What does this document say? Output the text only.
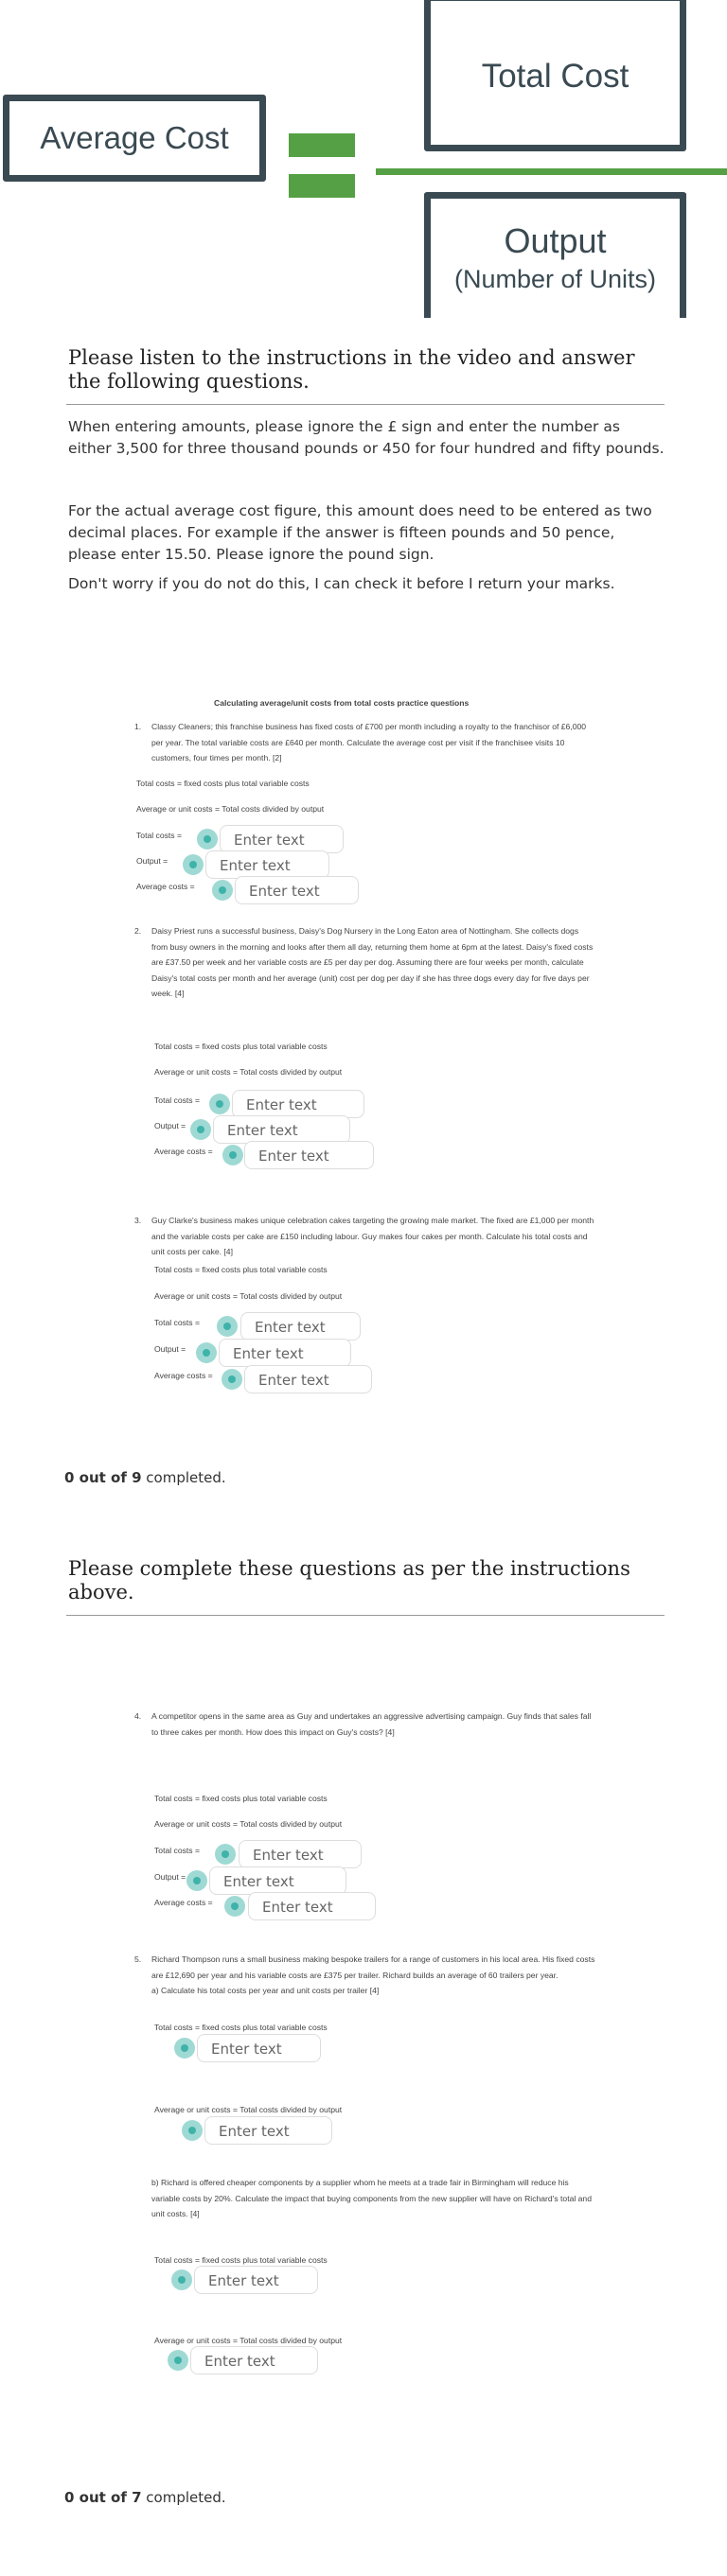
Average Cost
Total Cost
Output
(Number of Units)
Please listen to the instructions in the video and answer the following questions.
When entering amounts, please ignore the £ sign and enter the number as either 3,500 for three thousand pounds or 450 for four hundred and fifty pounds.
For the actual average cost figure, this amount does need to be entered as two decimal places. For example if the answer is fifteen pounds and 50 pence, please enter 15.50. Please ignore the pound sign.
Don't worry if you do not do this, I can check it before I return your marks.
Calculating average/unit costs from total costs practice questions
1. Classy Cleaners; this franchise business has fixed costs of £700 per month including a royalty to the franchisor of £6,000 per year. The total variable costs are £640 per month. Calculate the average cost per visit if the franchisee visits 10 customers, four times per month. [2]
Total costs = fixed costs plus total variable costs
Average or unit costs = Total costs divided by output
Total costs =	Enter text
Output =	Enter text
Average costs =	Enter text
2. Daisy Priest runs a successful business, Daisy's Dog Nursery in the Long Eaton area of Nottingham. She collects dogs from busy owners in the morning and looks after them all day, returning them home at 6pm at the latest. Daisy's fixed costs are £37.50 per week and her variable costs are £5 per day per dog. Assuming there are four weeks per month, calculate Daisy's total costs per month and her average (unit) cost per dog per day if she has three dogs every day for five days per week. [4]
Total costs = fixed costs plus total variable costs
Average or unit costs = Total costs divided by output
Total costs =	Enter text
Output =	Enter text
Average costs =	Enter text
3. Guy Clarke's business makes unique celebration cakes targeting the growing male market. The fixed are £1,000 per month and the variable costs per cake are £150 including labour. Guy makes four cakes per month. Calculate his total costs and unit costs per cake. [4]
Total costs = fixed costs plus total variable costs
Average or unit costs = Total costs divided by output
Total costs =	Enter text
Output =	Enter text
Average costs =	Enter text
0 out of 9 completed.
Please complete these questions as per the instructions above.
4. A competitor opens in the same area as Guy and undertakes an aggressive advertising campaign. Guy finds that sales fall to three cakes per month. How does this impact on Guy's costs? [4]
Total costs = fixed costs plus total variable costs
Average or unit costs = Total costs divided by output
Total costs =	Enter text
Output =	Enter text
Average costs =	Enter text
5. Richard Thompson runs a small business making bespoke trailers for a range of customers in his local area. His fixed costs are £12,690 per year and his variable costs are £375 per trailer. Richard builds an average of 60 trailers per year.
a) Calculate his total costs per year and unit costs per trailer [4]
Total costs = fixed costs plus total variable costs
Enter text
Average or unit costs = Total costs divided by output
Enter text
b) Richard is offered cheaper components by a supplier whom he meets at a trade fair in Birmingham will reduce his variable costs by 20%. Calculate the impact that buying components from the new supplier will have on Richard's total and unit costs. [4]
Total costs = fixed costs plus total variable costs
Enter text
Average or unit costs = Total costs divided by output
Enter text
0 out of 7 completed.
